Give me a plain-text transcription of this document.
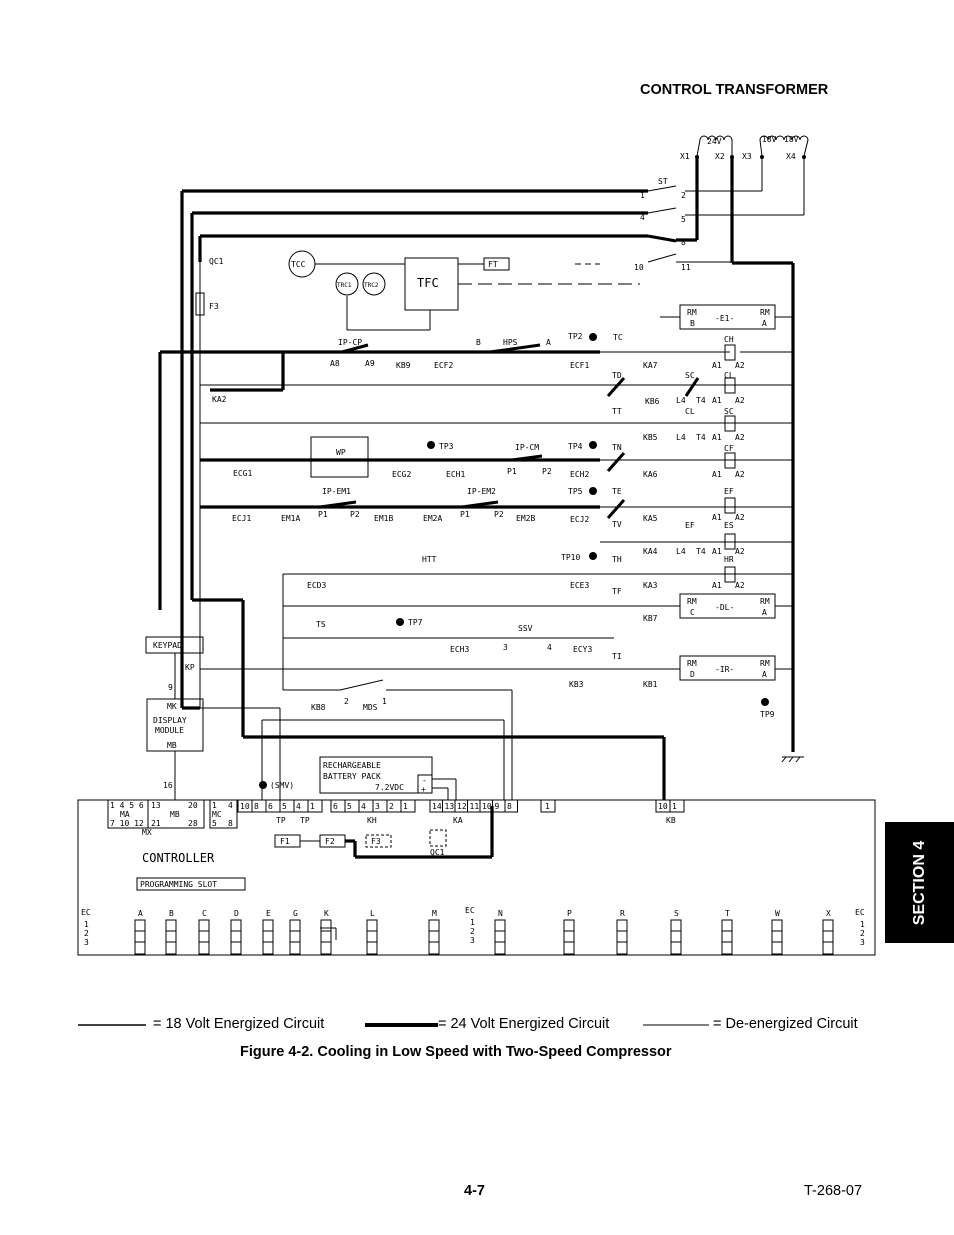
CONTROL TRANSFORMER
SECTION 4
24V	18V 18V
X1	X2 X3	X4
ST
1	2
4	5
8
10	11
QC1
F3
KA2
TCC
TRC1 TRC2	TFC
FT
RM
B
RM
A
-E1-
IP-CP
A8	A9	KB9	ECF2
B	HPS	A
TP2
ECF1
TC
KA7
CH
A1 A2
TD	SC
KB6
CL
L4 T4 A1 A2
TT	CL
KB5
SC
L4 T4 A1 A2
WP
ECG1	ECG2
TP3
ECH1
IP-CM
P1	P2
TP4
ECH2
TN
KA6
CF
A1 A2
ECJ1
IP-EM1
EM1A P1	P2 EM1B	EM2A
IP-EM2
P1	P2 EM2B
TP5
ECJ2
TE
KA5
EF
A1 A2
TV	EF
KA4
ES
L4 T4 A1 A2
ECD3
HTT	TP10
ECE3
TH
KA3
HR
A1 A2
TF
KB7
RM
C
RM
A
-DL-
TS	TP7
ECH3
SSV
3	4	ECY3
TI
KB3	KB1
RM
D
RM
A
-IR-
TP9
KB8	MDS
2	1
KEYPAD
KP
9
MK
DISPLAY
MODULE
MB
16
RECHARGEABLE
BATTERY PACK
7.2VDC
-
+
(SMV)
TP
CONTROLLER
PROGRAMMING SLOT
1 4 5 6
MA
7 10 12
MX
13	20
MB
21	28
1 4
MC
5 8
10 8 6 5 4 1
TP
6 5 4 3 2 1
KH
14 13 12 11 10 9 8
KA
1	10 1
KB
F1	F2	F3
QC1
EC	EC	EC
1
2
3
1
2
3
1
2
3
A	B	C	D	E	G	K	L	M	N	P	R	S	T	W	X
= 18 Volt Energized Circuit	= 24 Volt Energized Circuit	= De-energized Circuit
Figure 4-2. Cooling in Low Speed with Two-Speed Compressor
4-7	T-268-07
